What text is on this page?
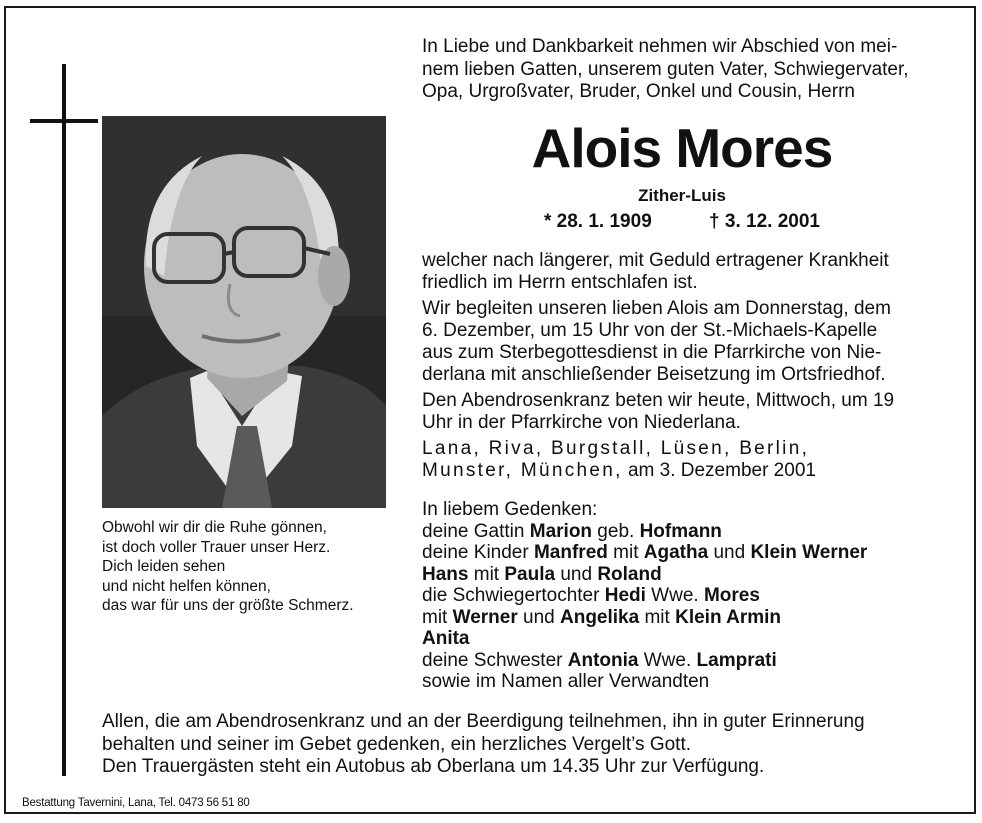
Obwohl wir dir die Ruhe gönnen,
ist doch voller Trauer unser Herz.
Dich leiden sehen
und nicht helfen können,
das war für uns der größte Schmerz.
In Liebe und Dankbarkeit nehmen wir Abschied von mei-
nem lieben Gatten, unserem guten Vater, Schwiegervater,
Opa, Urgroßvater, Bruder, Onkel und Cousin, Herrn
Alois Mores
Zither-Luis
* 28. 1. 1909	† 3. 12. 2001
welcher nach längerer, mit Geduld ertragener Krankheit
friedlich im Herrn entschlafen ist.
Wir begleiten unseren lieben Alois am Donnerstag, dem
6. Dezember, um 15 Uhr von der St.-Michaels-Kapelle
aus zum Sterbegottesdienst in die Pfarrkirche von Nie-
derlana mit anschließender Beisetzung im Ortsfriedhof.
Den Abendrosenkranz beten wir heute, Mittwoch, um 19
Uhr in der Pfarrkirche von Niederlana.
Lana, Riva, Burgstall, Lüsen, Berlin,
Munster, München, am 3. Dezember 2001
In liebem Gedenken:
deine Gattin Marion geb. Hofmann
deine Kinder Manfred mit Agatha und Klein Werner
Hans mit Paula und Roland
die Schwiegertochter Hedi Wwe. Mores
mit Werner und Angelika mit Klein Armin
Anita
deine Schwester Antonia Wwe. Lamprati
sowie im Namen aller Verwandten
Allen, die am Abendrosenkranz und an der Beerdigung teilnehmen, ihn in guter Erinnerung
behalten und seiner im Gebet gedenken, ein herzliches Vergelt’s Gott.
Den Trauergästen steht ein Autobus ab Oberlana um 14.35 Uhr zur Verfügung.
Bestattung Tavernini, Lana, Tel. 0473 56 51 80
